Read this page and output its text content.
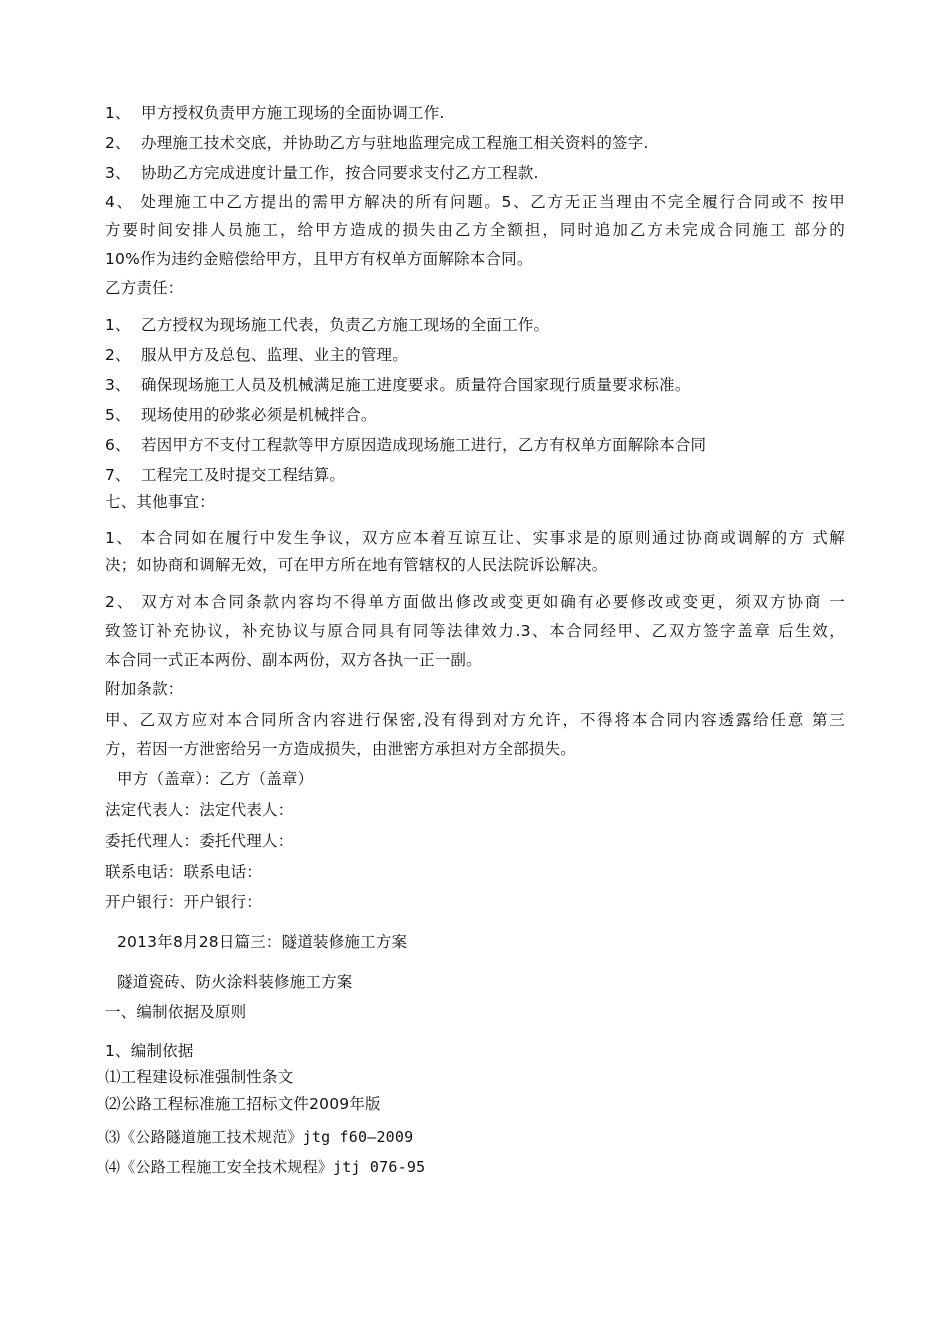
1、  甲方授权负责甲方施工现场的全面协调工作.
2、  办理施工技术交底，并协助乙方与驻地监理完成工程施工相关资料的签字.
3、  协助乙方完成进度计量工作，按合同要求支付乙方工程款.
4、 处理施工中乙方提出的需甲方解决的所有问题。5、乙方无正当理由不完全履行合同或不 按甲
方要时间安排人员施工，给甲方造成的损失由乙方全额担，同时追加乙方未完成合同施工 部分的
10%作为违约金赔偿给甲方，且甲方有权单方面解除本合同。
乙方责任：
1、  乙方授权为现场施工代表，负责乙方施工现场的全面工作。
2、  服从甲方及总包、监理、业主的管理。
3、  确保现场施工人员及机械满足施工进度要求。质量符合国家现行质量要求标准。
5、  现场使用的砂浆必须是机械拌合。
6、  若因甲方不支付工程款等甲方原因造成现场施工进行，乙方有权单方面解除本合同
7、  工程完工及时提交工程结算。
七、其他事宜：
1、 本合同如在履行中发生争议，双方应本着互谅互让、实事求是的原则通过协商或调解的方 式解
决；如协商和调解无效，可在甲方所在地有管辖权的人民法院诉讼解决。
2、 双方对本合同条款内容均不得单方面做出修改或变更如确有必要修改或变更，须双方协商 一
致签订补充协议，补充协议与原合同具有同等法律效力.3、本合同经甲、乙双方签字盖章 后生效，
本合同一式正本两份、副本两份，双方各执一正一副。
附加条款：
甲、乙双方应对本合同所含内容进行保密,没有得到对方允许，不得将本合同内容透露给任意 第三
方，若因一方泄密给另一方造成损失，由泄密方承担对方全部损失。
甲方（盖章）：乙方（盖章）
法定代表人：法定代表人：
委托代理人：委托代理人：
联系电话：联系电话：
开户银行：开户银行：
2013年8月28日篇三：隧道装修施工方案
隧道瓷砖、防火涂料装修施工方案
一、编制依据及原则
1、编制依据
⑴工程建设标准强制性条文
⑵公路工程标准施工招标文件2009年版
⑶《公路隧道施工技术规范》jtg f60—2009
⑷《公路工程施工安全技术规程》jtj 076-95
